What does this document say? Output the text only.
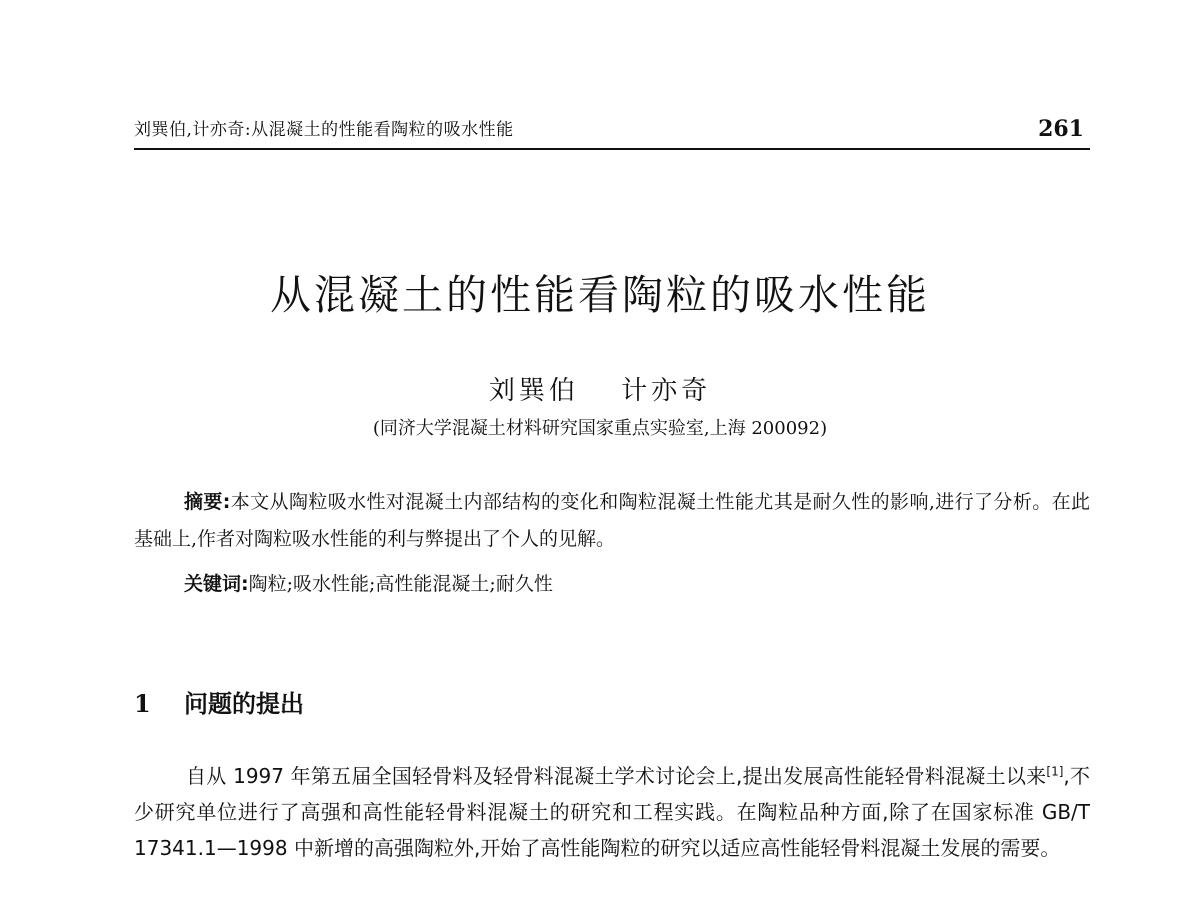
刘巽伯,计亦奇:从混凝土的性能看陶粒的吸水性能	261
从混凝土的性能看陶粒的吸水性能
刘巽伯 计亦奇
(同济大学混凝土材料研究国家重点实验室,上海 200092)
摘要:本文从陶粒吸水性对混凝土内部结构的变化和陶粒混凝土性能尤其是耐久性的影响,进行了分析。在此基础上,作者对陶粒吸水性能的利与弊提出了个人的见解。
关键词:陶粒;吸水性能;高性能混凝土;耐久性
1 问题的提出
自从 1997 年第五届全国轻骨料及轻骨料混凝土学术讨论会上,提出发展高性能轻骨料混凝土以来[1],不少研究单位进行了高强和高性能轻骨料混凝土的研究和工程实践。在陶粒品种方面,除了在国家标准 GB/T 17341.1—1998 中新增的高强陶粒外,开始了高性能陶粒的研究以适应高性能轻骨料混凝土发展的需要。
